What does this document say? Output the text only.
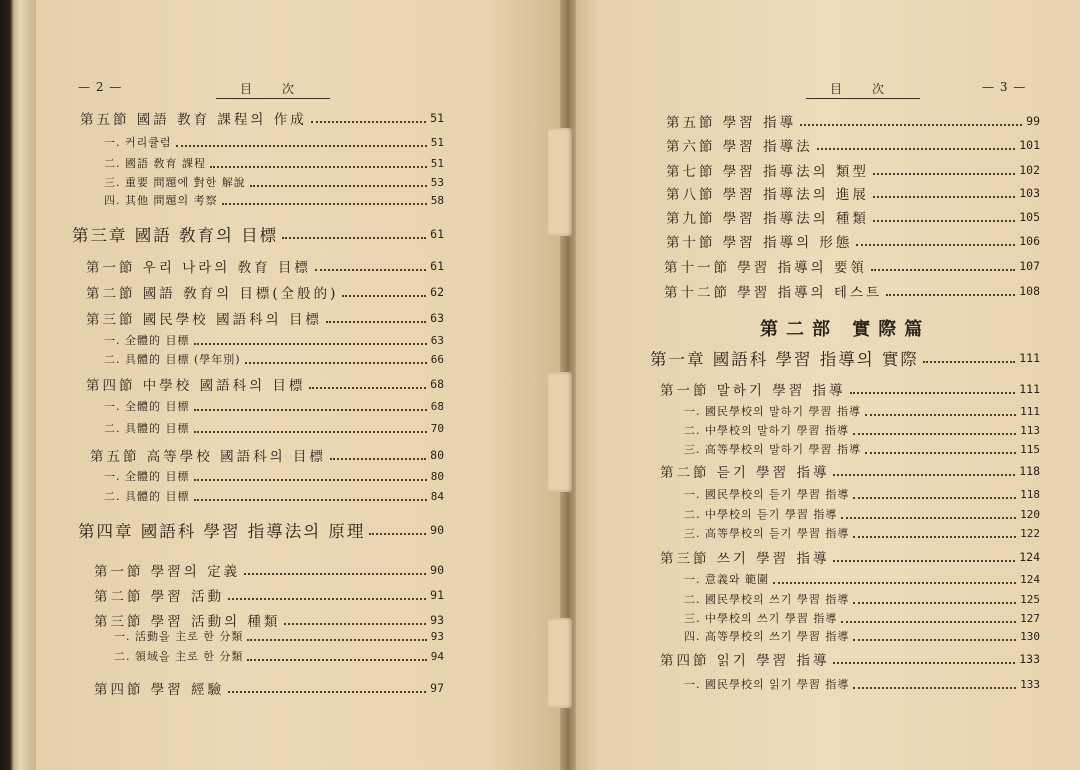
— 2 —	目次	目次	— 3 —
第五節 國語 教育 課程의 作成	51
一. 커리큘럼	51
二. 國語 敎育 課程	51
三. 重要 問題에 對한 解說	53
四. 其他 問題의 考察	58
第三章 國語 敎育의 目標	61
第一節 우리 나라의 敎育 目標	61
第二節 國語 敎育의 目標(全般的)	62
第三節 國民學校 國語科의 目標	63
一. 全體的 目標	63
二. 具體的 目標 (學年別)	66
第四節 中學校 國語科의 目標	68
一. 全體的 目標	68
二. 具體的 目標	70
第五節 高等學校 國語科의 目標	80
一. 全體的 目標	80
二. 具體的 目標	84
第四章 國語科 學習 指導法의 原理	90
第一節 學習의 定義	90
第二節 學習 活動	91
第三節 學習 活動의 種類	93
一. 活動을 主로 한 分類	93
二. 領域을 主로 한 分類	94
第四節 學習 經驗	97
第五節 學習 指導	99
第六節 學習 指導法	101
第七節 學習 指導法의 類型	102
第八節 學習 指導法의 進展	103
第九節 學習 指導法의 種類	105
第十節 學習 指導의 形態	106
第十一節 學習 指導의 要領	107
第十二節 學習 指導의 테스트	108
第二部 實際篇
第一章 國語科 學習 指導의 實際	111
第一節 말하기 學習 指導	111
一. 國民學校의 말하기 學習 指導	111
二. 中學校의 말하기 學習 指導	113
三. 高等學校의 말하기 學習 指導	115
第二節 듣기 學習 指導	118
一. 國民學校의 듣기 學習 指導	118
二. 中學校의 듣기 學習 指導	120
三. 高等學校의 듣기 學習 指導	122
第三節 쓰기 學習 指導	124
一. 意義와 範圍	124
二. 國民學校의 쓰기 學習 指導	125
三. 中學校의 쓰기 學習 指導	127
四. 高等學校의 쓰기 學習 指導	130
第四節 읽기 學習 指導	133
一. 國民學校의 읽기 學習 指導	133
